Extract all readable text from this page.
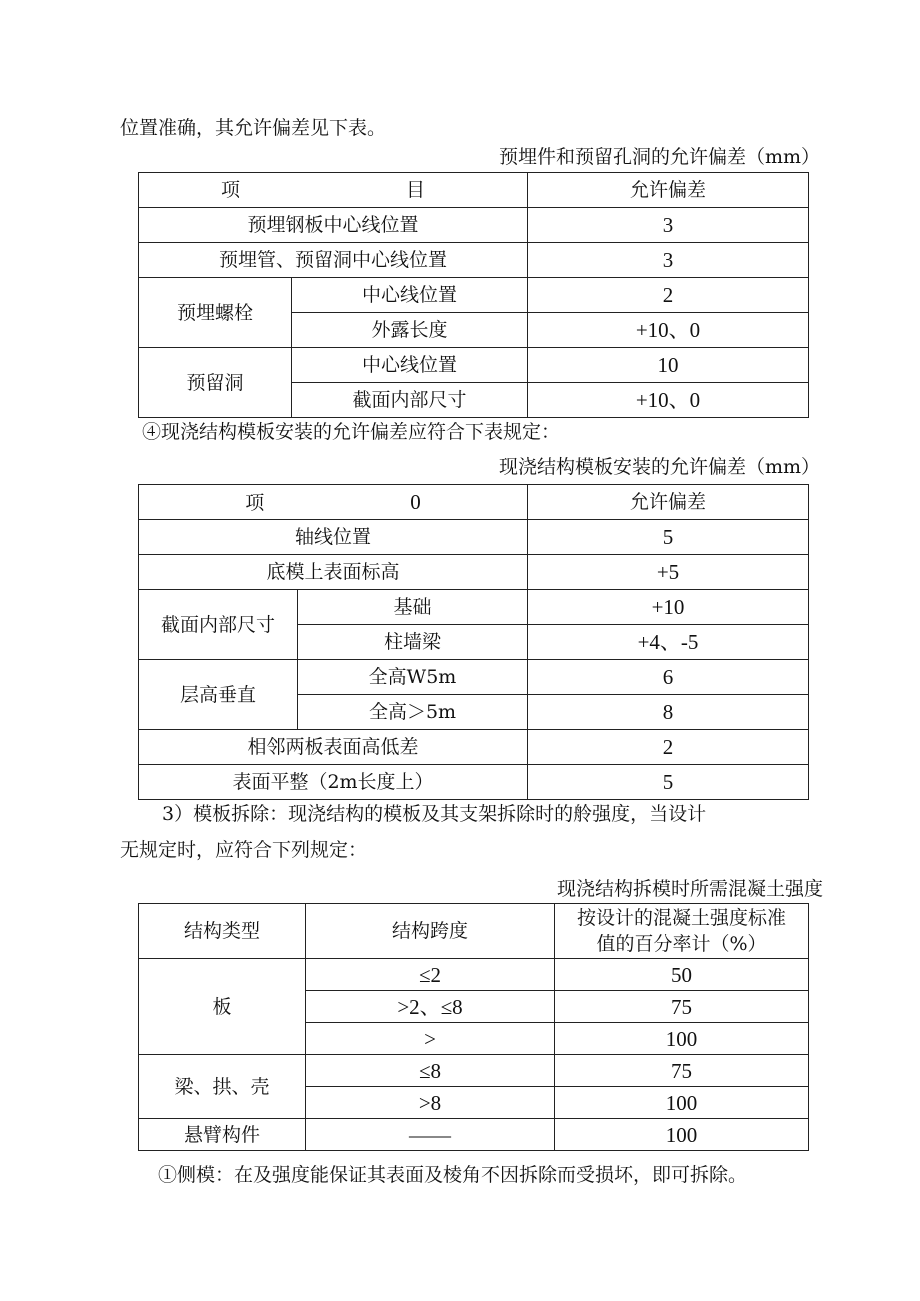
位置准确，其允许偏差见下表。
预埋件和预留孔洞的允许偏差（mm）
项 目		允许偏差
预埋钢板中心线位置		3
预埋管、预留洞中心线位置		3
预埋螺栓	中心线位置	2
	外露长度	+10、0
预留洞	中心线位置	10
	截面内部尺寸	+10、0
④现浇结构模板安装的允许偏差应符合下表规定：
现浇结构模板安装的允许偏差（mm）
项 0		允许偏差
轴线位置		5
底模上表面标高		+5
截面内部尺寸	基础	+10
	柱墙梁	+4、-5
层高垂直	全高W5m	6
	全高＞5m	8
相邻两板表面高低差		2
表面平整（2m长度上）		5
3）模板拆除：现浇结构的模板及其支架拆除时的舲强度，当设计
无规定时，应符合下列规定：
现浇结构拆模时所需混凝土强度
结构类型	结构跨度	按设计的混凝土强度标准
值的百分率计（%）

板	≤2	50
	>2、≤8	75
	>	100
梁、拱、壳	≤8	75
	>8	100
悬臂构件	——	100
①侧模：在及强度能保证其表面及棱角不因拆除而受损坏，即可拆除。
